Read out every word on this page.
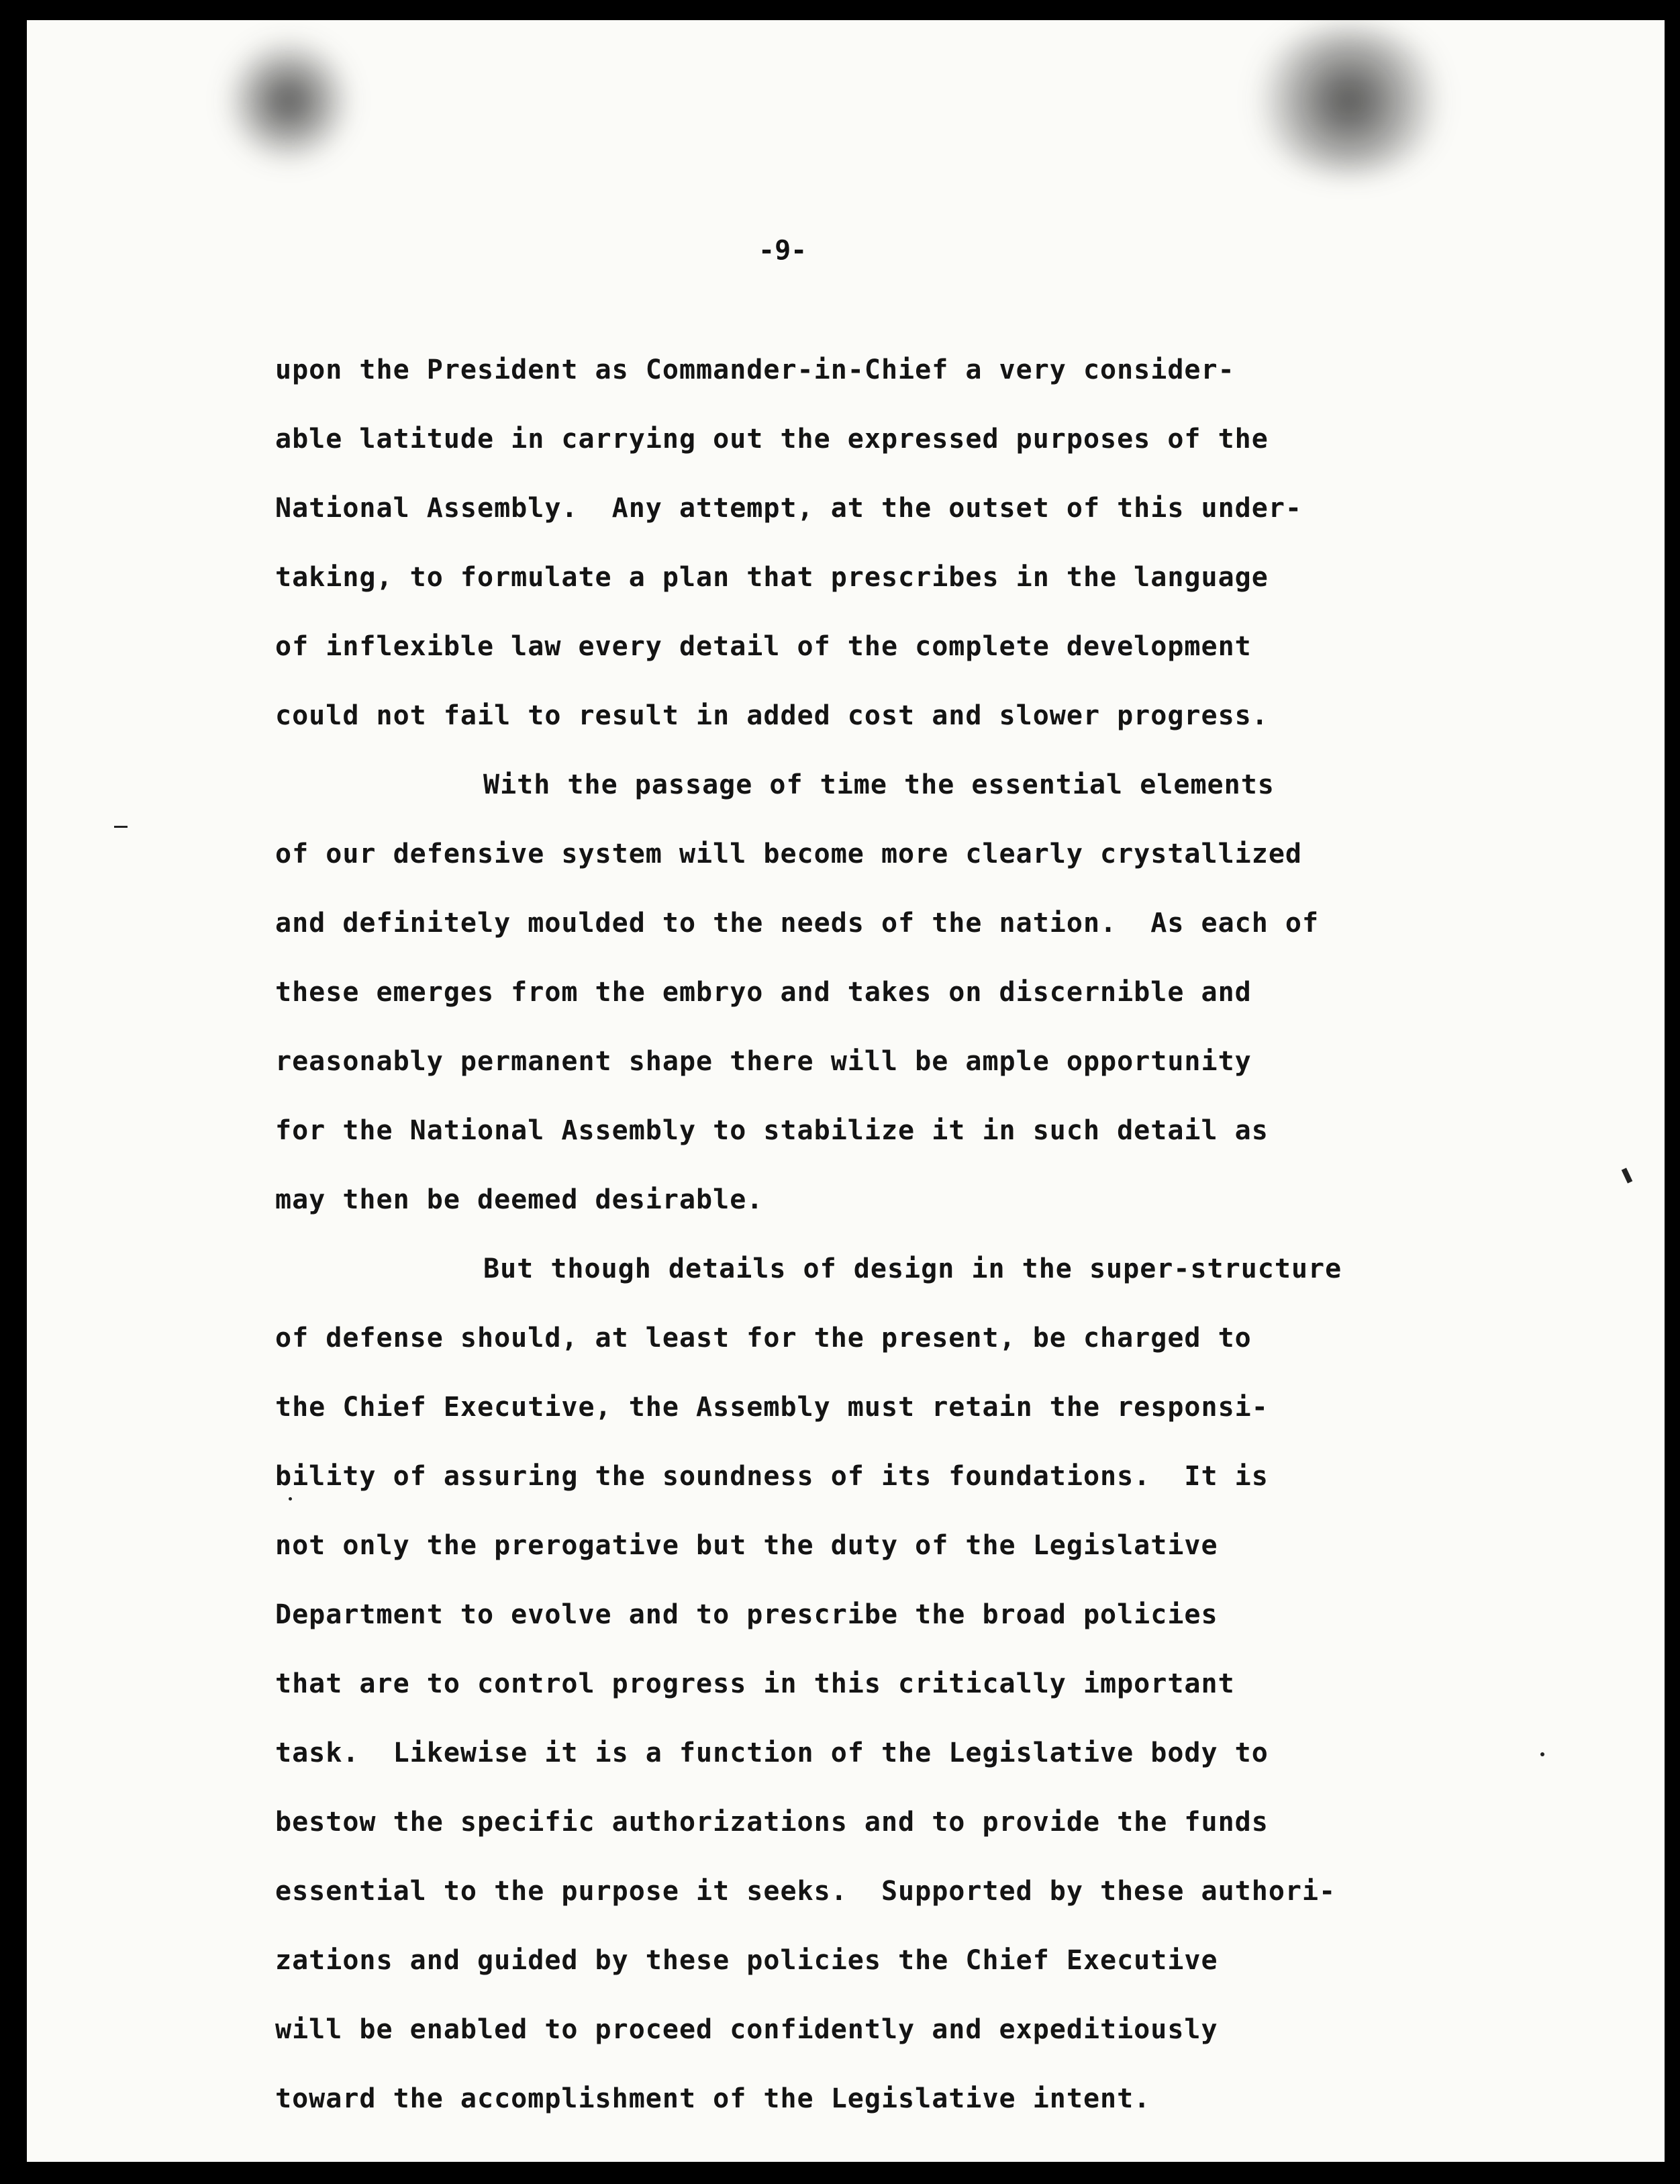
-9-
upon the President as Commander-in-Chief a very consider-
able latitude in carrying out the expressed purposes of the
National Assembly.  Any attempt, at the outset of this under-
taking, to formulate a plan that prescribes in the language
of inflexible law every detail of the complete development
could not fail to result in added cost and slower progress.
With the passage of time the essential elements
of our defensive system will become more clearly crystallized
and definitely moulded to the needs of the nation.  As each of
these emerges from the embryo and takes on discernible and
reasonably permanent shape there will be ample opportunity
for the National Assembly to stabilize it in such detail as
may then be deemed desirable.
But though details of design in the super-structure
of defense should, at least for the present, be charged to
the Chief Executive, the Assembly must retain the responsi-
bility of assuring the soundness of its foundations.  It is
not only the prerogative but the duty of the Legislative
Department to evolve and to prescribe the broad policies
that are to control progress in this critically important
task.  Likewise it is a function of the Legislative body to
bestow the specific authorizations and to provide the funds
essential to the purpose it seeks.  Supported by these authori-
zations and guided by these policies the Chief Executive
will be enabled to proceed confidently and expeditiously
toward the accomplishment of the Legislative intent.
